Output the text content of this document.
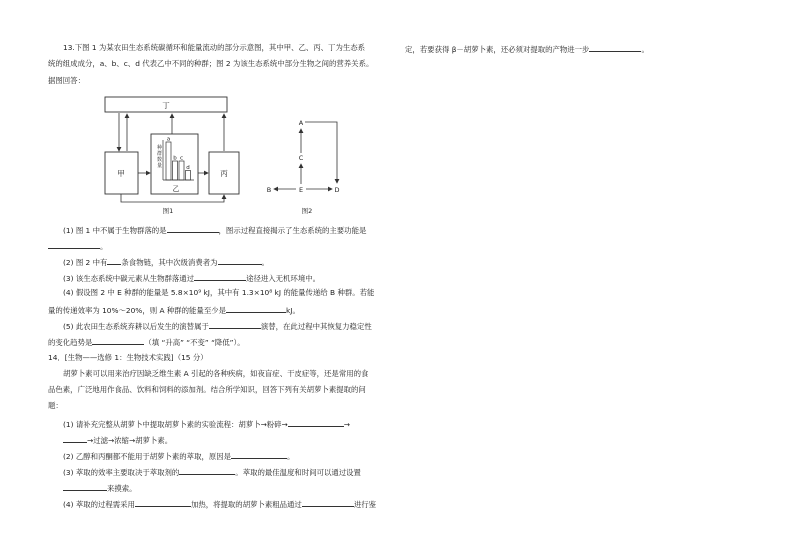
13.下图 1 为某农田生态系统碳循环和能量流动的部分示意图，其中甲、乙、丙、丁为生态系
统的组成成分，a、b、c、d 代表乙中不同的种群；图 2 为该生态系统中部分生物之间的营养关系。
据图回答：
丁
甲
乙
丙
a
b c
d
种 群 数 量
A
C
E
B	D
图1	图2
(1) 图 1 中不属于生物群落的是	，图示过程直接揭示了生态系统的主要功能是
。
(2) 图 2 中有 条食物链，其中次级消费者为	。
(3) 该生态系统中碳元素从生物群落通过	途径进入无机环境中。
(4) 假设图 2 中 E 种群的能量是 5.8×10⁹ kJ，其中有 1.3×10⁸ kJ 的能量传递给 B 种群。若能
量的传递效率为 10%～20%，则 A 种群的能量至少是	kJ。
(5) 此农田生态系统弃耕以后发生的演替属于	演替，在此过程中其恢复力稳定性
的变化趋势是	（填 “升高” “不变” “降低”）。
14．[生物——选修 1：生物技术实践]（15 分）
胡萝卜素可以用来治疗因缺乏维生素 A 引起的各种疾病，如夜盲症、干皮症等，还是常用的食
品色素，广泛地用作食品、饮料和饲料的添加剂。结合所学知识，回答下列有关胡萝卜素提取的问
题：
(1) 请补充完整从胡萝卜中提取胡萝卜素的实验流程：胡萝卜→粉碎→	→
→过滤→浓缩→胡萝卜素。
(2) 乙醇和丙酮都不能用于胡萝卜素的萃取，原因是	。
(3) 萃取的效率主要取决于萃取剂的	。萃取的最佳温度和时间可以通过设置
来摸索。
(4) 萃取的过程需采用	加热，将提取的胡萝卜素粗品通过	进行鉴
定，若要获得 β－胡萝卜素，还必须对提取的产物进一步	。
